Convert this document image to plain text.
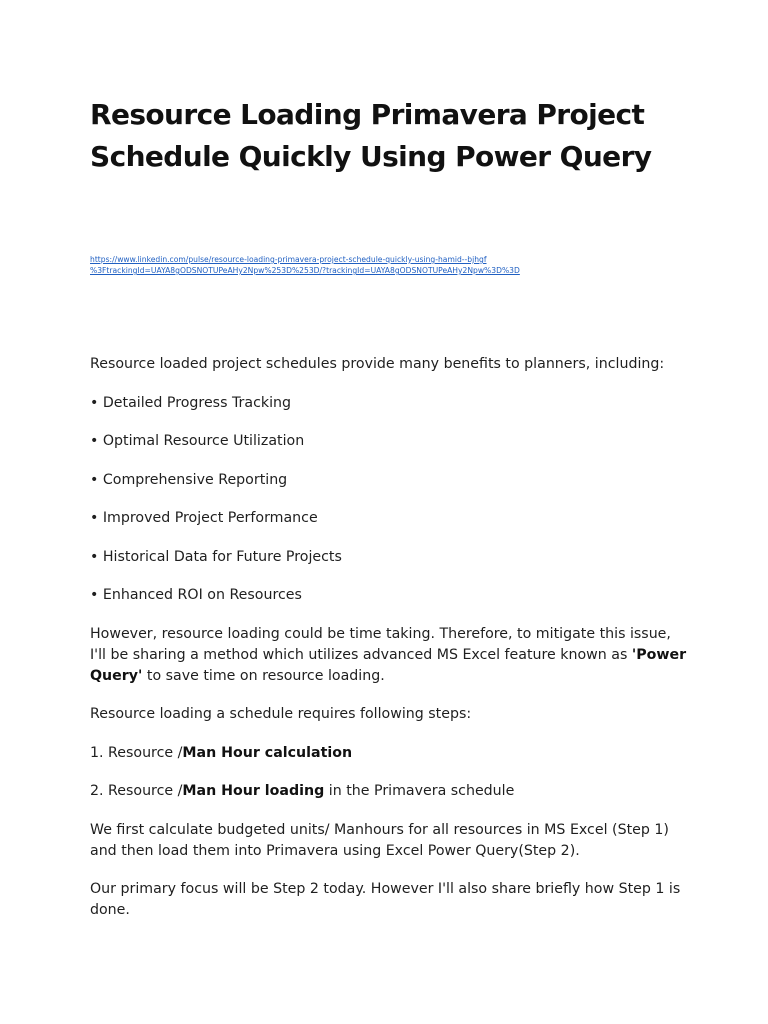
Resource Loading Primavera Project
Schedule Quickly Using Power Query
https://www.linkedin.com/pulse/resource-loading-primavera-project-schedule-quickly-using-hamid--bjhgf
%3FtrackingId=UAYA8gODSNOTUPeAHy2Npw%253D%253D/?trackingId=UAYA8gODSNOTUPeAHy2Npw%3D%3D

Resource loaded project schedules provide many benefits to planners, including:

• Detailed Progress Tracking

• Optimal Resource Utilization

• Comprehensive Reporting

• Improved Project Performance

• Historical Data for Future Projects

• Enhanced ROI on Resources

However, resource loading could be time taking. Therefore, to mitigate this issue, I'll be sharing a method which utilizes advanced MS Excel feature known as 'Power Query' to save time on resource loading.

Resource loading a schedule requires following steps:

1. Resource /Man Hour calculation

2. Resource /Man Hour loading in the Primavera schedule

We first calculate budgeted units/ Manhours for all resources in MS Excel (Step 1) and then load them into Primavera using Excel Power Query(Step 2).

Our primary focus will be Step 2 today. However I'll also share briefly how Step 1 is done.
